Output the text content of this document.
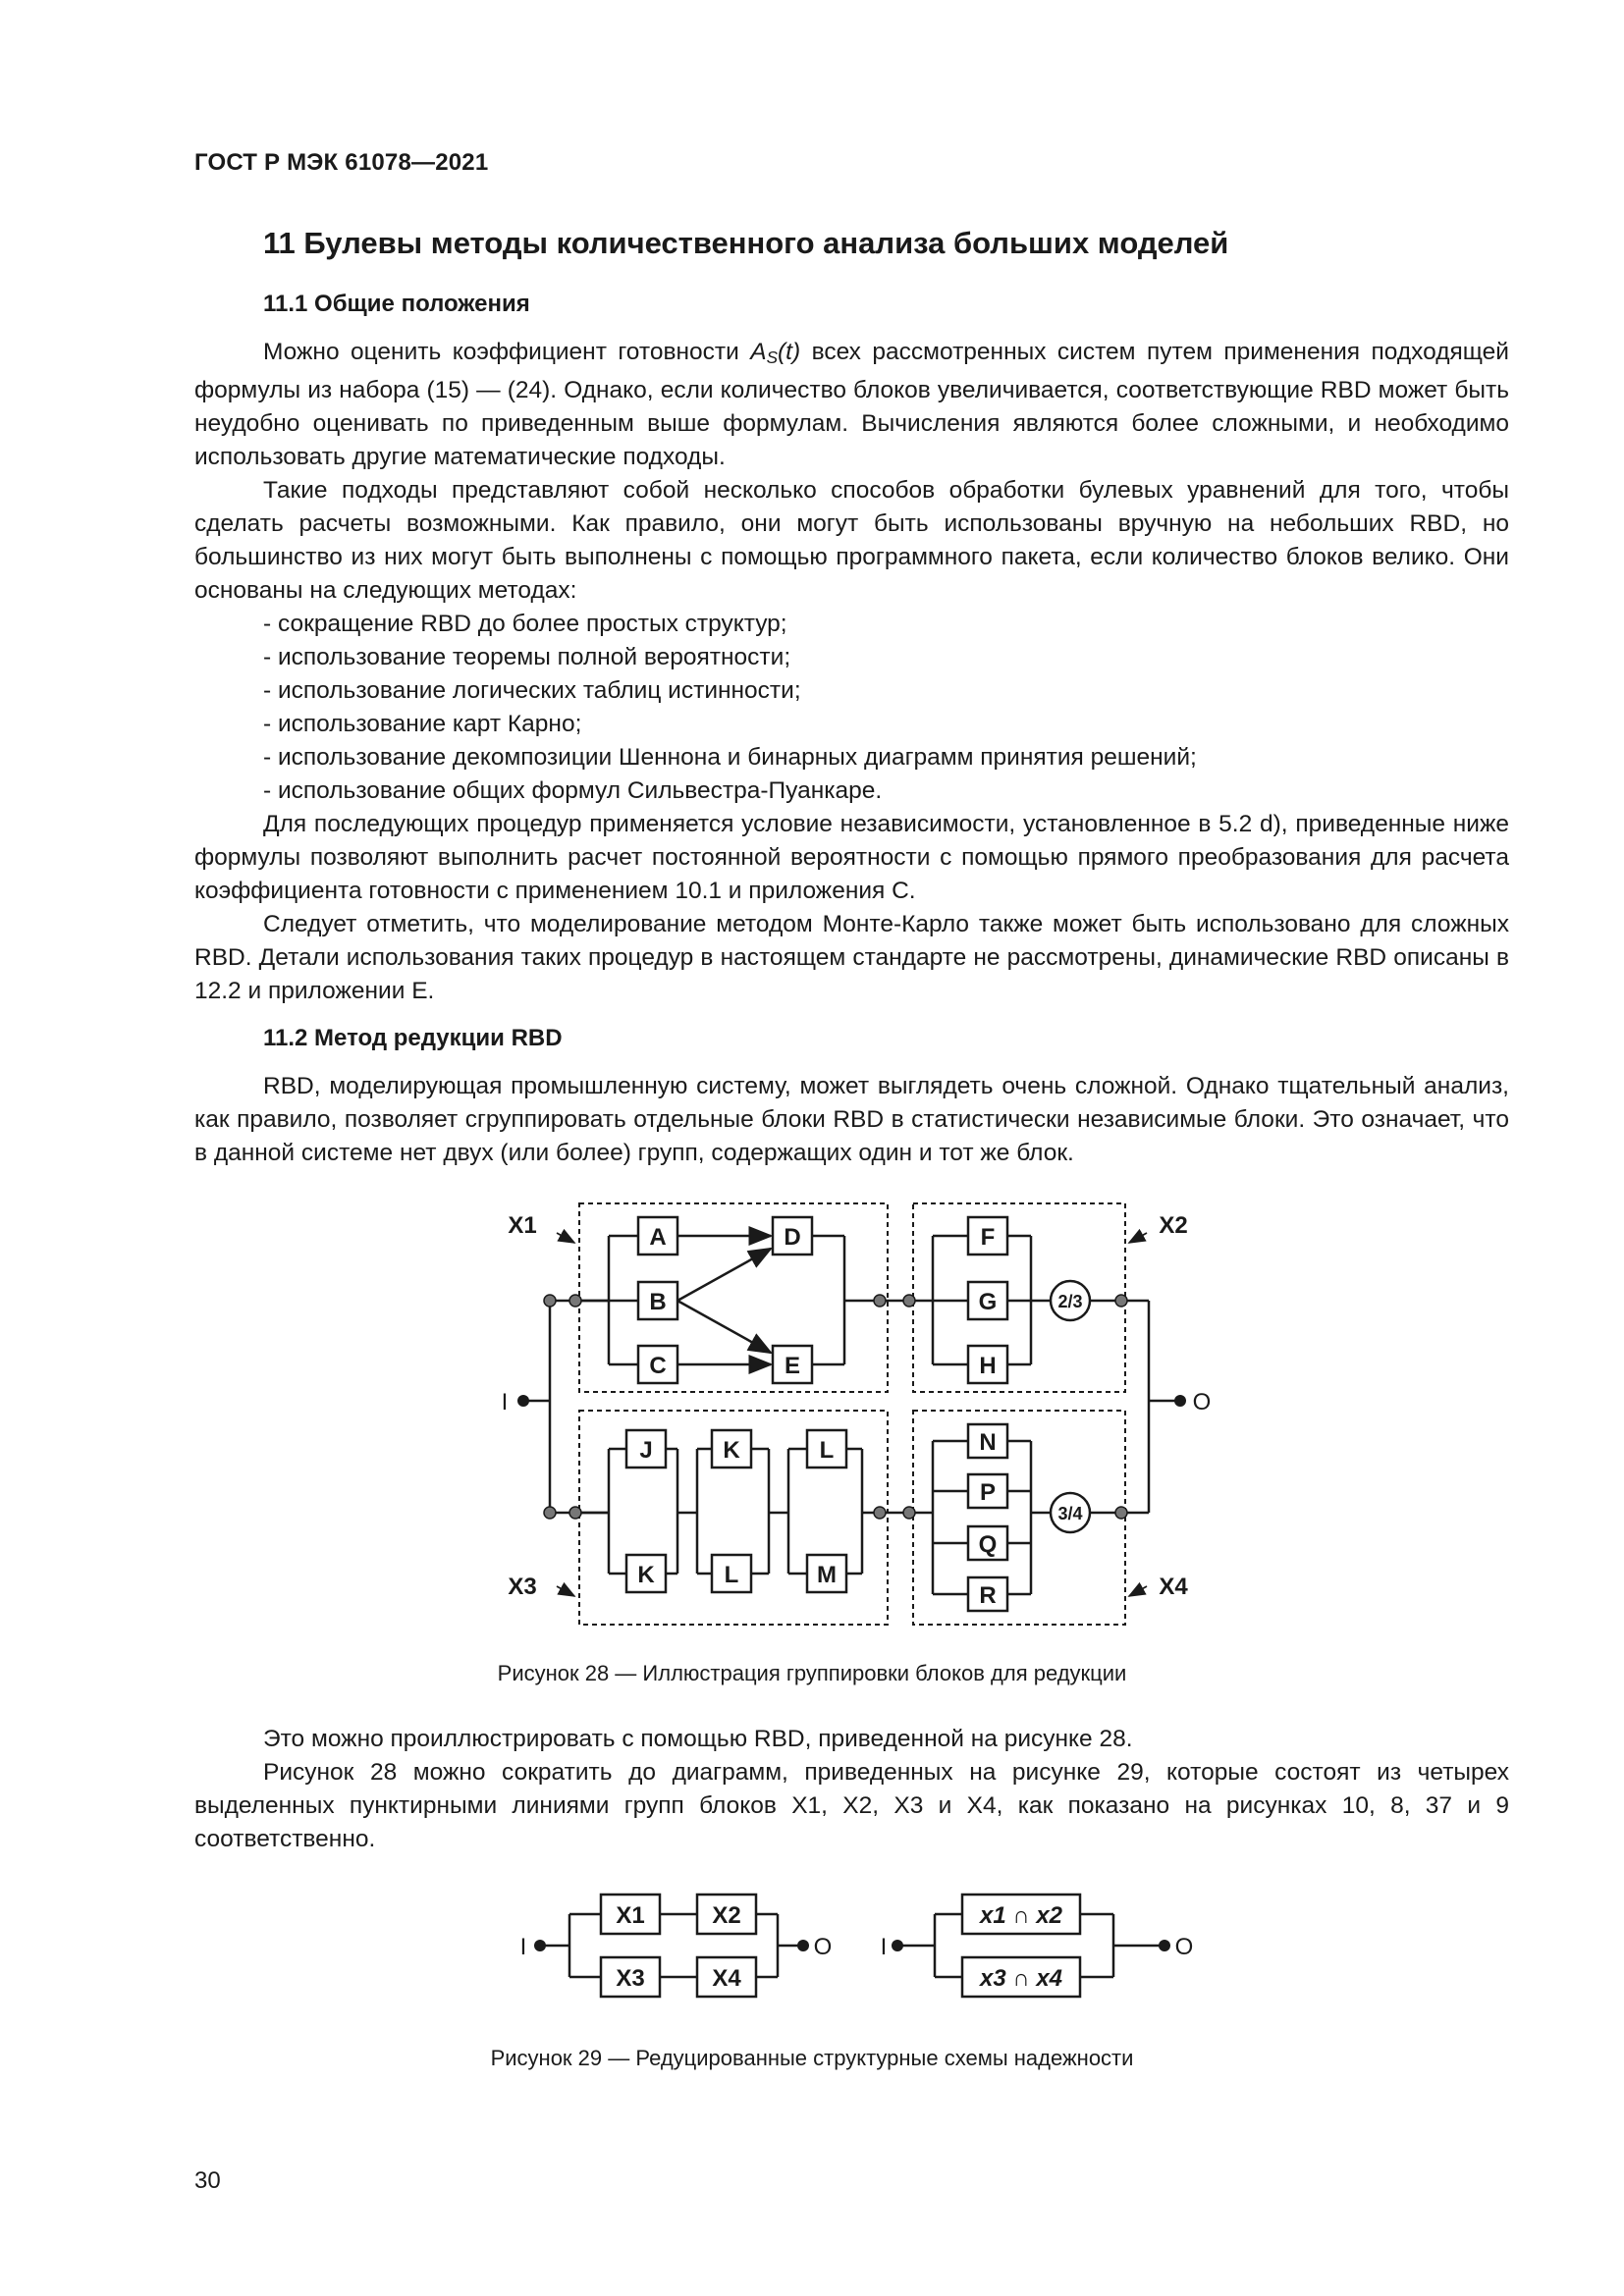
ГОСТ Р МЭК 61078—2021
11 Булевы методы количественного анализа больших моделей
11.1 Общие положения

Можно оценить коэффициент готовности $A_S(t)$ всех рассмотренных систем путем применения подходящей формулы из набора (15) — (24). Однако, если количество блоков увеличивается, соответствующие RBD может быть неудобно оценивать по приведенным выше формулам. Вычисления являются более сложными, и необходимо использовать другие математические подходы.

Такие подходы представляют собой несколько способов обработки булевых уравнений для того, чтобы сделать расчеты возможными. Как правило, они могут быть использованы вручную на небольших RBD, но большинство из них могут быть выполнены с помощью программного пакета, если количество блоков велико. Они основаны на следующих методах:

- сокращение RBD до более простых структур;

- использование теоремы полной вероятности;

- использование логических таблиц истинности;

- использование карт Карно;

- использование декомпозиции Шеннона и бинарных диаграмм принятия решений;

- использование общих формул Сильвестра-Пуанкаре.

Для последующих процедур применяется условие независимости, установленное в 5.2 d), приведенные ниже формулы позволяют выполнить расчет постоянной вероятности с помощью прямого преобразования для расчета коэффициента готовности с применением 10.1 и приложения С.

Следует отметить, что моделирование методом Монте-Карло также может быть использовано для сложных RBD. Детали использования таких процедур в настоящем стандарте не рассмотрены, динамические RBD описаны в 12.2 и приложении Е.

11.2 Метод редукции RBD

RBD, моделирующая промышленную систему, может выглядеть очень сложной. Однако тщательный анализ, как правило, позволяет сгруппировать отдельные блоки RBD в статистически независимые блоки. Это означает, что в данной системе нет двух (или более) групп, содержащих один и тот же блок.

A
B
C
D
E
F
G
H
2/3
J	K	L
K	L	M
N
P
Q
R
3/4
X1	X2
X3	X4
I	O
Рисунок 28 — Иллюстрация группировки блоков для редукции

Это можно проиллюстрировать с помощью RBD, приведенной на рисунке 28.

Рисунок 28 можно сократить до диаграмм, приведенных на рисунке 29, которые состоят из четырех выделенных пунктирными линиями групп блоков X1, X2, X3 и X4, как показано на рисунках 10, 8, 37 и 9 соответственно.

X1	X2
X3	X4
x1 ∩ x2
x3 ∩ x4
I	O I	O
Рисунок 29 — Редуцированные структурные схемы надежности
30
